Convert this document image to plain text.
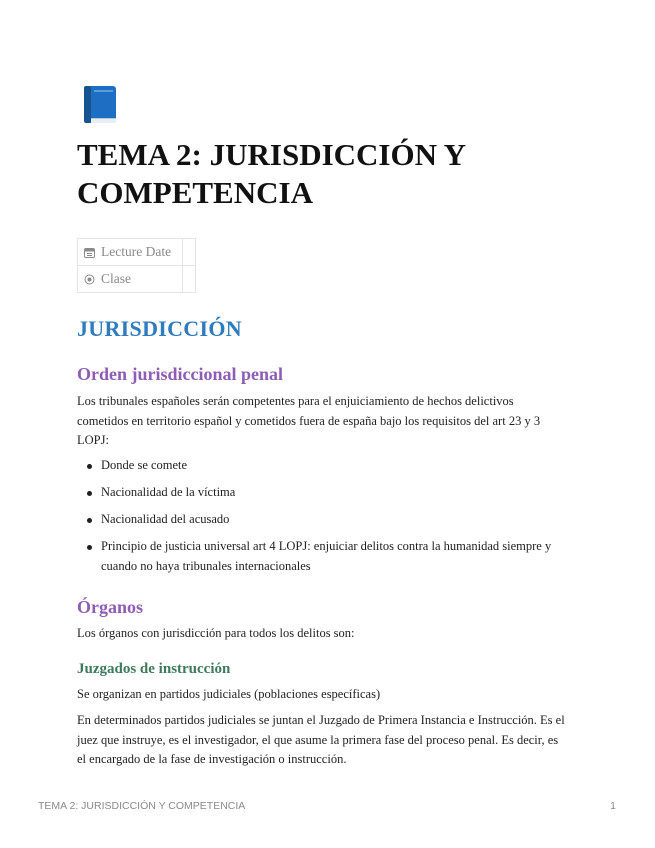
TEMA 2: JURISDICCIÓN Y COMPETENCIA
Lecture Date	
Clase	
JURISDICCIÓN
Orden jurisdiccional penal

Los tribunales españoles serán competentes para el enjuiciamiento de hechos delictivos cometidos en territorio español y cometidos fuera de españa bajo los requisitos del art 23 y 3 LOPJ:

Donde se comete
Nacionalidad de la víctima
Nacionalidad del acusado
Principio de justicia universal art 4 LOPJ: enjuiciar delitos contra la humanidad siempre y cuando no haya tribunales internacionales
Órganos

Los órganos con jurisdicción para todos los delitos son:

Juzgados de instrucción

Se organizan en partidos judiciales (poblaciones específicas)

En determinados partidos judiciales se juntan el Juzgado de Primera Instancia e Instrucción. Es el juez que instruye, es el investigador, el que asume la primera fase del proceso penal. Es decir, es el encargado de la fase de investigación o instrucción.

TEMA 2: JURISDICCIÓN Y COMPETENCIA	1
